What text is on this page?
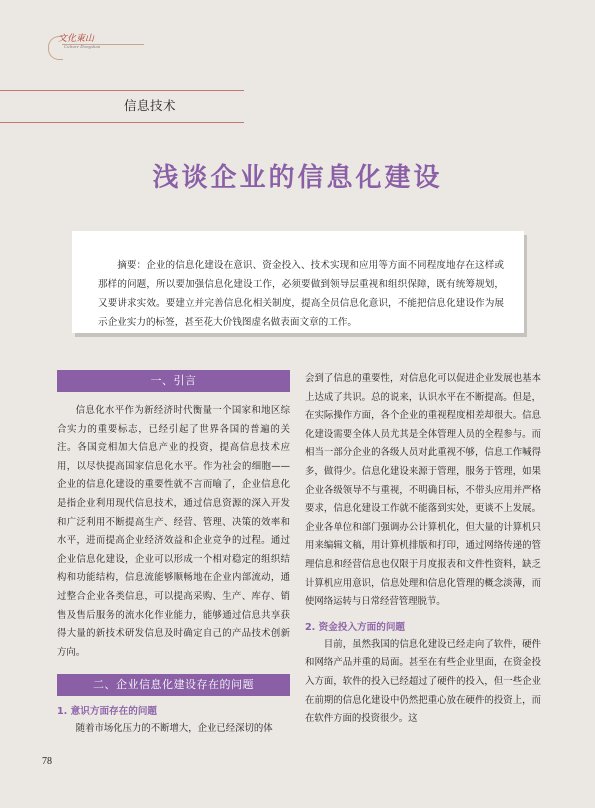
文化東山
Culture Dongshan
信息技术
浅谈企业的信息化建设

摘要：企业的信息化建设在意识、资金投入、技术实现和应用等方面不同程度地存在这样或那样的问题，所以要加强信息化建设工作，必须要做到领导层重视和组织保障，既有统筹规划，又要讲求实效。要建立并完善信息化相关制度，提高全员信息化意识，不能把信息化建设作为展示企业实力的标签，甚至花大价钱图虚名做表面文章的工作。

一、引言

信息化水平作为新经济时代衡量一个国家和地区综合实力的重要标志，已经引起了世界各国的普遍的关注。各国竞相加大信息产业的投资，提高信息技术应用，以尽快提高国家信息化水平。作为社会的细胞——企业的信息化建设的重要性就不言而喻了，企业信息化是指企业利用现代信息技术，通过信息资源的深入开发和广泛利用不断提高生产、经营、管理、决策的效率和水平，进而提高企业经济效益和企业竞争的过程。通过企业信息化建设，企业可以形成一个相对稳定的组织结构和功能结构，信息流能够顺畅地在企业内部流动，通过整合企业各类信息，可以提高采购、生产、库存、销售及售后服务的流水化作业能力，能够通过信息共享获得大量的新技术研发信息及时确定自己的产品技术创新方向。

二、企业信息化建设存在的问题

1. 意识方面存在的问题

随着市场化压力的不断增大，企业已经深切的体

会到了信息的重要性，对信息化可以促进企业发展也基本上达成了共识。总的说来，认识水平在不断提高。但是，在实际操作方面，各个企业的重视程度相差却很大。信息化建设需要全体人员尤其是全体管理人员的全程参与。而相当一部分企业的各级人员对此重视不够，信息工作喊得多，做得少。信息化建设来源于管理，服务于管理，如果企业各级领导不与重视，不明确目标，不带头应用并严格要求，信息化建设工作就不能落到实处，更谈不上发展。企业各单位和部门强调办公计算机化，但大量的计算机只用来编辑文稿，用计算机排版和打印，通过网络传递的管理信息和经营信息也仅限于月度报表和文件性资料，缺乏计算机应用意识，信息处理和信息化管理的概念淡薄，而使网络运转与日常经营管理脱节。

2. 资金投入方面的问题

目前，虽然我国的信息化建设已经走向了软件，硬件和网络产品并重的局面。甚至在有些企业里面，在资金投入方面，软件的投入已经超过了硬件的投入，但一些企业在前期的信息化建设中仍然把重心放在硬件的投资上，而在软件方面的投资很少。这

78
